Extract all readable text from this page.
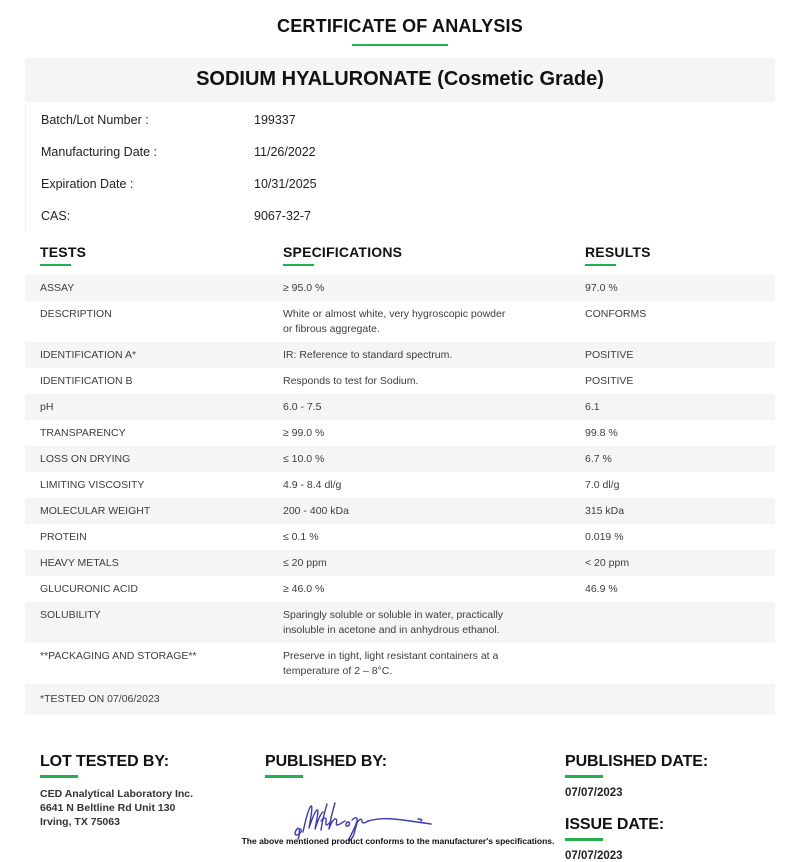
CERTIFICATE OF ANALYSIS
SODIUM HYALURONATE (Cosmetic Grade)
Batch/Lot Number :	199337
Manufacturing Date :	11/26/2022
Expiration Date :	10/31/2025
CAS:	9067-32-7
TESTS	SPECIFICATIONS	RESULTS

ASSAY	≥ 95.0 %	97.0 %
DESCRIPTION	White or almost white, very hygroscopic powder or fibrous aggregate.	CONFORMS
IDENTIFICATION A*	IR: Reference to standard spectrum.	POSITIVE
IDENTIFICATION B	Responds to test for Sodium.	POSITIVE
pH	6.0 - 7.5	6.1
TRANSPARENCY	≥ 99.0 %	99.8 %
LOSS ON DRYING	≤ 10.0 %	6.7 %
LIMITING VISCOSITY	4.9 - 8.4 dl/g	7.0 dl/g
MOLECULAR WEIGHT	200 - 400 kDa	315 kDa
PROTEIN	≤ 0.1 %	0.019 %
HEAVY METALS	≤ 20 ppm	< 20 ppm
GLUCURONIC ACID	≥ 46.0 %	46.9 %
SOLUBILITY	Sparingly soluble or soluble in water, practically insoluble in acetone and in anhydrous ethanol.	
**PACKAGING AND STORAGE**	Preserve in tight, light resistant containers at a temperature of 2 – 8°C.	
*TESTED ON 07/06/2023		
LOT TESTED BY:
CED Analytical Laboratory Inc.
6641 N Beltline Rd Unit 130
Irving, TX 75063
PUBLISHED BY:	PUBLISHED DATE:
07/07/2023
ISSUE DATE:
07/07/2023
The above mentioned product conforms to the manufacturer's specifications.
